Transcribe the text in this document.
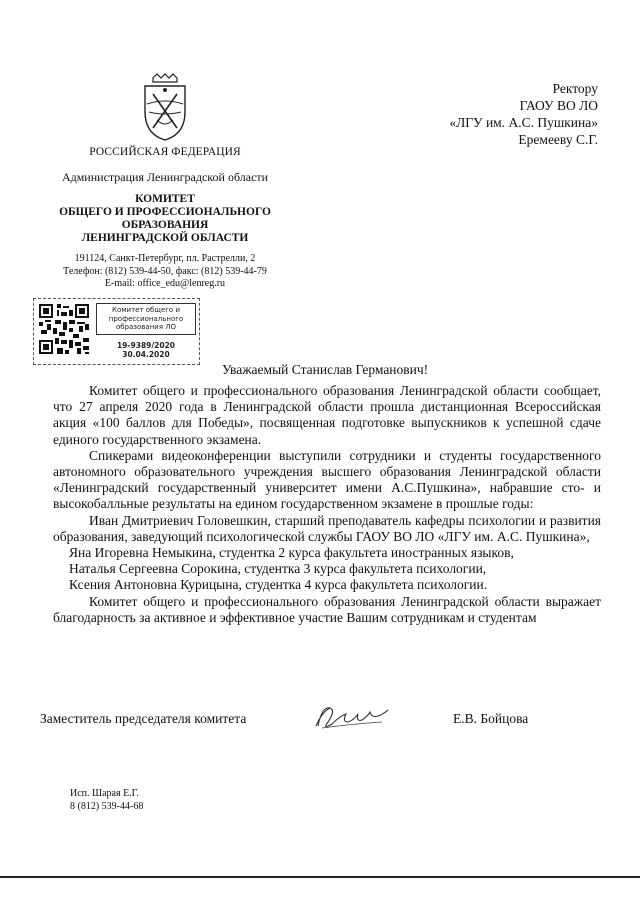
РОССИЙСКАЯ ФЕДЕРАЦИЯ
Администрация Ленинградской области
КОМИТЕТ
ОБЩЕГО И ПРОФЕССИОНАЛЬНОГО
ОБРАЗОВАНИЯ
ЛЕНИНГРАДСКОЙ ОБЛАСТИ
191124, Санкт-Петербург, пл. Растрелли, 2
Телефон: (812) 539-44-50, факс: (812) 539-44-79
E-mail: office_edu@lenreg.ru
Ректору
ГАОУ ВО ЛО
«ЛГУ им. А.С. Пушкина»
Еремееву С.Г.
Комитет общего и
профессионального
образования ЛО
19-9389/2020
30.04.2020
Уважаемый Станислав Германович!

Комитет общего и профессионального образования Ленинградской области сообщает, что 27 апреля 2020 года в Ленинградской области прошла дистанционная Всероссийская акция «100 баллов для Победы», посвященная подготовке выпускников к успешной сдаче единого государственного экзамена.

Спикерами видеоконференции выступили сотрудники и студенты государственного автономного образовательного учреждения высшего образования Ленинградской области «Ленинградский государственный университет имени А.С.Пушкина», набравшие сто- и высокобалльные результаты на едином государственном экзамене в прошлые годы:

Иван Дмитриевич Головешкин, старший преподаватель кафедры психологии и развития образования, заведующий психологической службы ГАОУ ВО ЛО «ЛГУ им. А.С. Пушкина»,

Яна Игоревна Немыкина, студентка 2 курса факультета иностранных языков,

Наталья Сергеевна Сорокина, студентка 3 курса факультета психологии,

Ксения Антоновна Курицына, студентка 4 курса факультета психологии.

Комитет общего и профессионального образования Ленинградской области выражает благодарность за активное и эффективное участие Вашим сотрудникам и студентам

Заместитель председателя комитета	Е.В. Бойцова
Исп. Шарая Е.Г.
8 (812) 539-44-68
